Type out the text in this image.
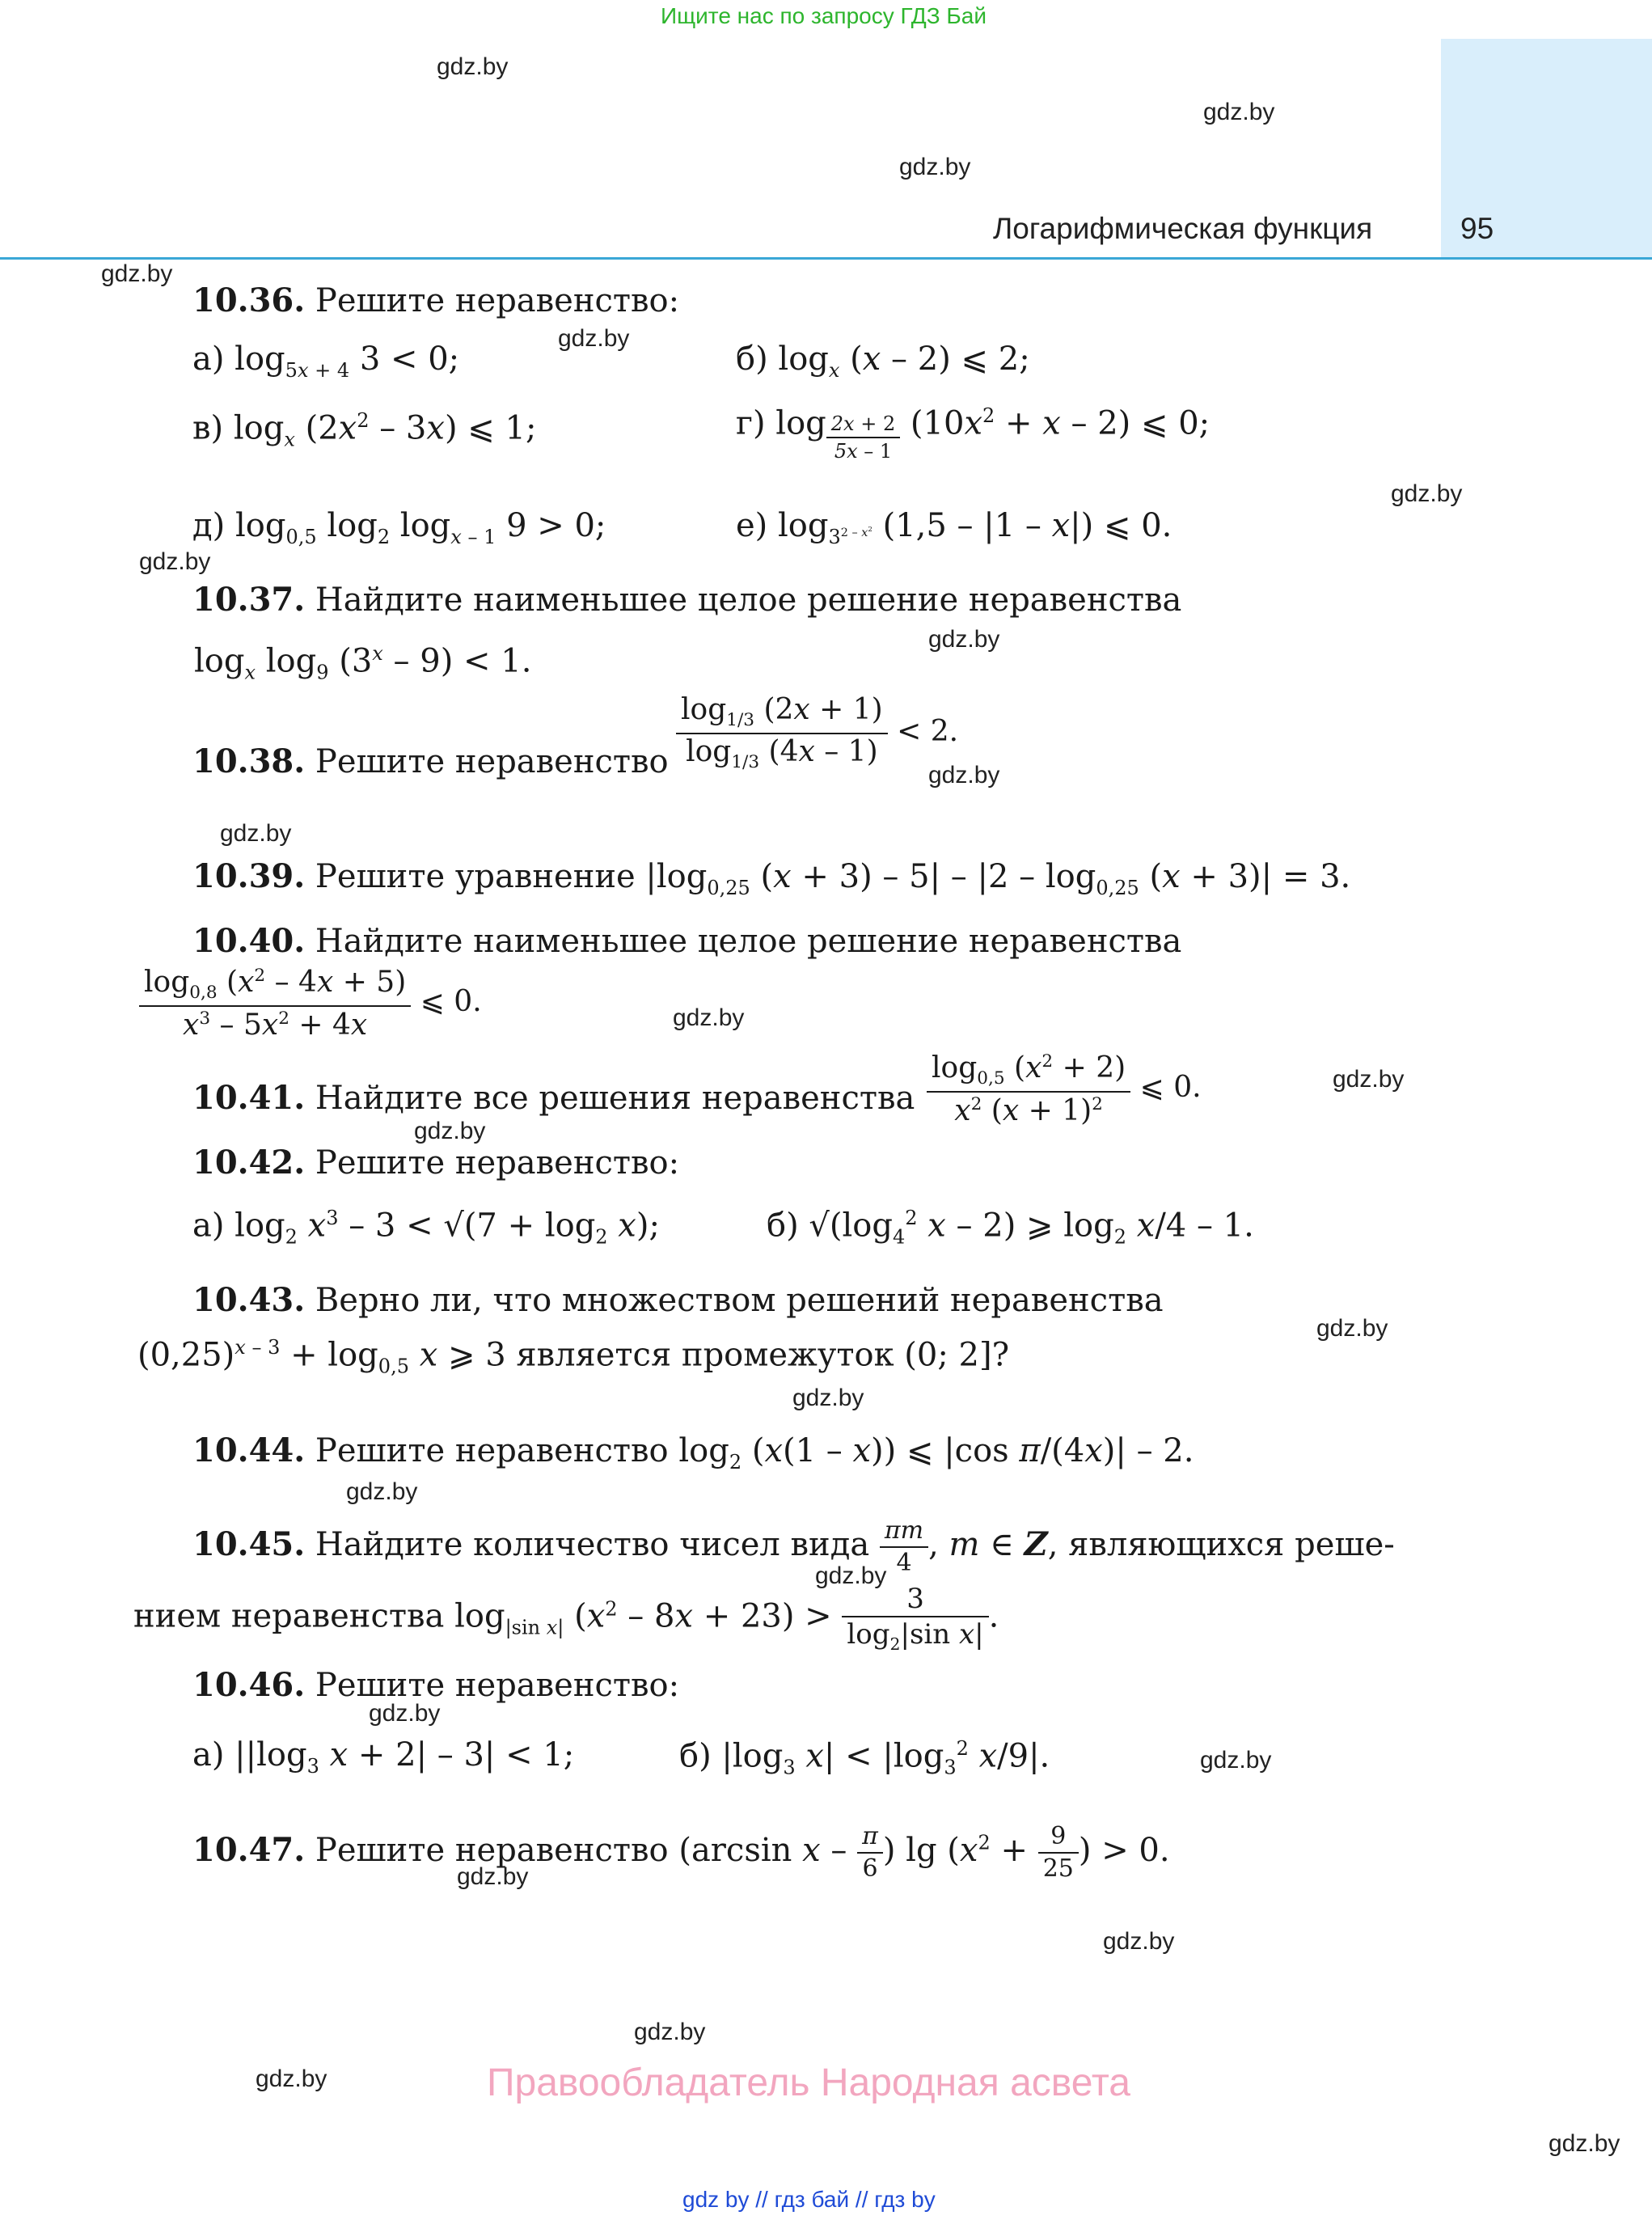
Ищите нас по запросу ГДЗ Бай
Логарифмическая функция	95
gdz.by
gdz.by
gdz.by
gdz.by
gdz.by
gdz.by
gdz.by
gdz.by
gdz.by
gdz.by
gdz.by
gdz.by
gdz.by
gdz.by
gdz.by
gdz.by
gdz.by
gdz.by
gdz.by
gdz.by
gdz.by
gdz.by
gdz.by
gdz.by
10.36. Решите неравенство:
а) $\log_{5x + 4} 3 < 0$;	б) $\log_x (x - 2)$ ⩽ 2;
в) $\log_x (2x^2 - 3x)$ ⩽ 1;	г) $\log \frac{2x + 2}{5x - 1} (10x^2 + x - 2)$ ⩽ 0;
д) $\log_{0,5} \log_2 \log_{x - 1} 9 > 0$;	е) $\log_{3^{2 - x^2}} (1,5 - |1 - x|)$ ⩽ 0.
10.37. Найдите наименьшее целое решение неравенства
$\log_x \log_9 (3^x - 9) < 1$.
10.38. Решите неравенство $\frac{\log_{1/3} (2x + 1)}{\log_{1/3} (4x - 1)} < 2$.
10.39. Решите уравнение $|\log_{0,25}$ $(x + 3) - 5| - |2 - \log_{0,25} (x + 3)| = 3$.
10.40. Найдите наименьшее целое решение неравенства
$\frac{\log_{0,8} (x^2 - 4x + 5)}{x^3 - 5x^2 + 4x}$ ⩽ 0.
10.41. Найдите все решения неравенства $\frac{\log_{0,5} (x^2 + 2)}{x^2 (x + 1)^2}$ ⩽ 0.
10.42. Решите неравенство:
а) $\log_2 x^3 - 3 < √(7 + \log_2 x)$;	б) $√(\log_4^2$ x – 2) ⩾ $\log_2 x/4 - 1$.
10.43. Верно ли, что множеством решений неравенства
$(0,25)^{x - 3} + \log_{0,5} x$ ⩾ 3 является промежуток (0; 2]?
10.44. Решите неравенство $\log_2 (x(1 - x))$ ⩽ |cos π/(4x)| – 2.
10.45. Найдите количество чисел вида $\frac{\pi m}{4}$ , m ∈ Z, являющихся реше-
нием неравенства $\log_{|sin x|} (x^2 - 8x + 23) > \frac{3}{\log_2|\sin x|}$ .
10.46. Решите неравенство:
а) $||\log_3$ x + 2| – 3| < 1;	б) $|\log_3$ $x| < |\log_3^2$ x/9|.
10.47. Решите неравенство (arcsin x – $\frac{\pi}{6}$ ) $\lg (x^2 + \frac{9}{25}$ ) > 0.
Правообладатель Народная асвета
gdz by // гдз бай // гдз by
